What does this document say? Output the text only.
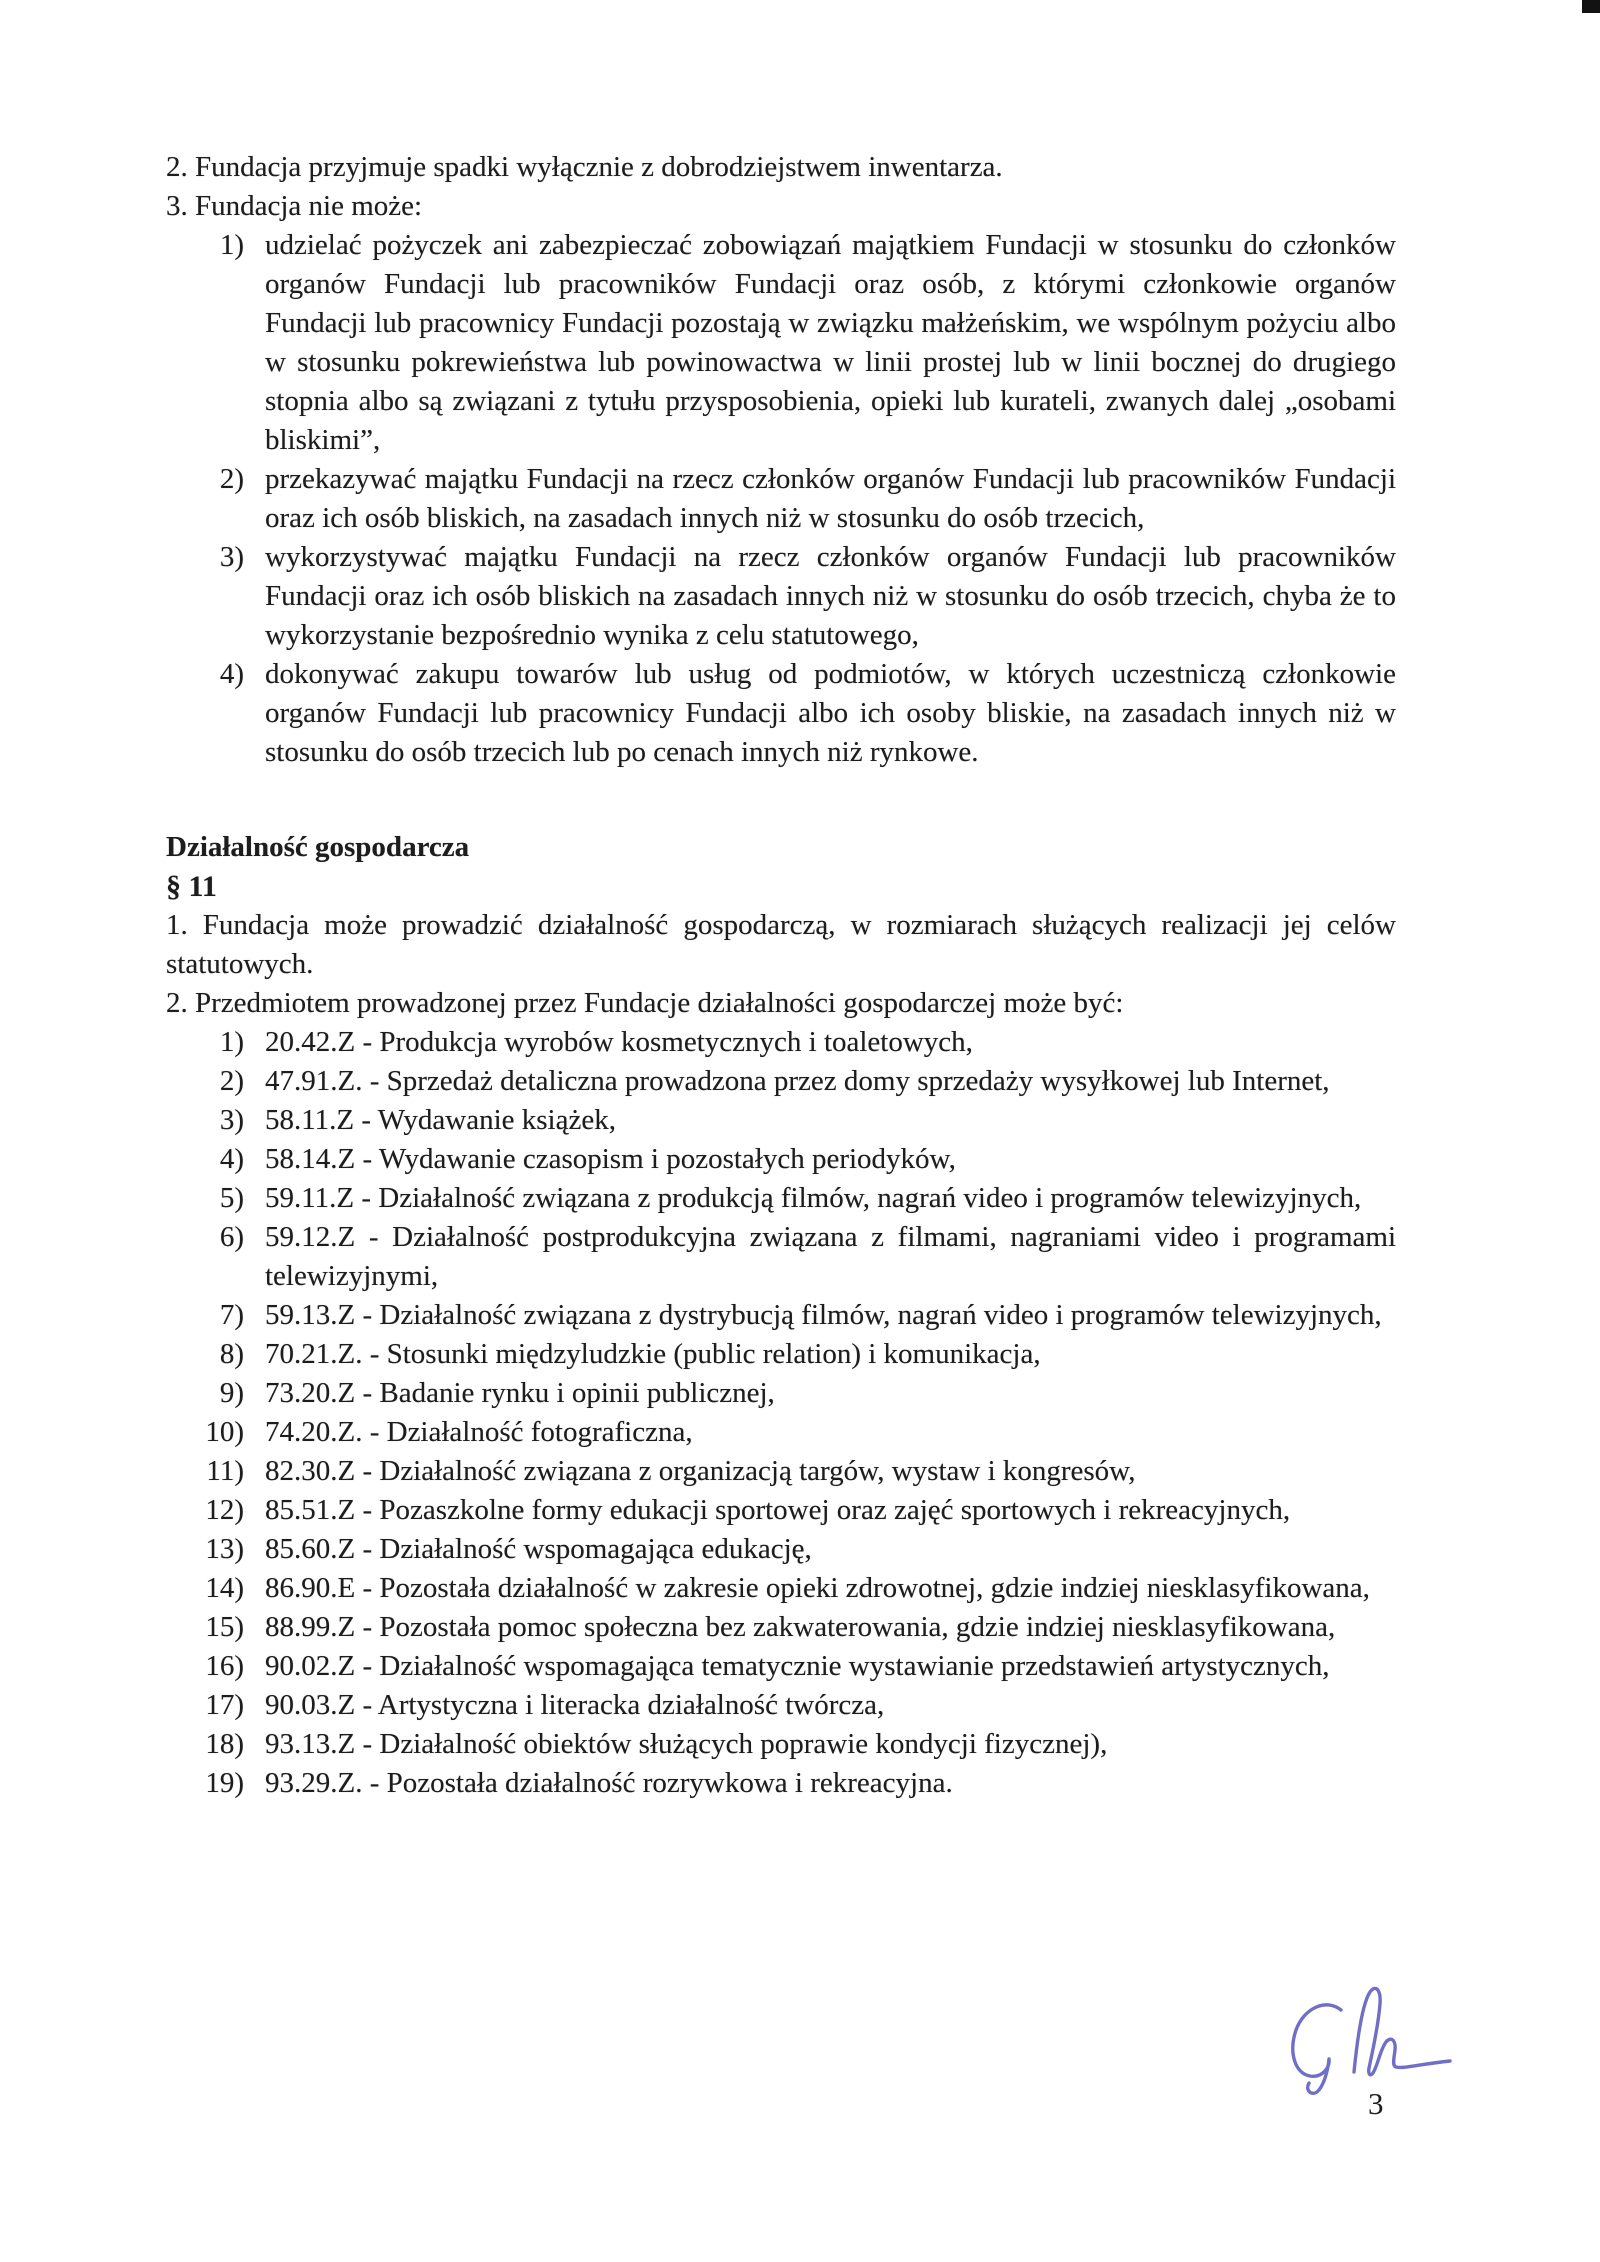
2. Fundacja przyjmuje spadki wyłącznie z dobrodziejstwem inwentarza.

3. Fundacja nie może:

1) udzielać pożyczek ani zabezpieczać zobowiązań majątkiem Fundacji w stosunku do członków organów Fundacji lub pracowników Fundacji oraz osób, z którymi członkowie organów Fundacji lub pracownicy Fundacji pozostają w związku małżeńskim, we wspólnym pożyciu albo w stosunku pokrewieństwa lub powinowactwa w linii prostej lub w linii bocznej do drugiego stopnia albo są związani z tytułu przysposobienia, opieki lub kurateli, zwanych dalej „osobami bliskimi”,
2) przekazywać majątku Fundacji na rzecz członków organów Fundacji lub pracowników Fundacji oraz ich osób bliskich, na zasadach innych niż w stosunku do osób trzecich,
3) wykorzystywać majątku Fundacji na rzecz członków organów Fundacji lub pracowników Fundacji oraz ich osób bliskich na zasadach innych niż w stosunku do osób trzecich, chyba że to wykorzystanie bezpośrednio wynika z celu statutowego,
4) dokonywać zakupu towarów lub usług od podmiotów, w których uczestniczą członkowie organów Fundacji lub pracownicy Fundacji albo ich osoby bliskie, na zasadach innych niż w stosunku do osób trzecich lub po cenach innych niż rynkowe.
Działalność gospodarcza
§ 11

1. Fundacja może prowadzić działalność gospodarczą, w rozmiarach służących realizacji jej celów statutowych.

2. Przedmiotem prowadzonej przez Fundacje działalności gospodarczej może być:

1) 20.42.Z - Produkcja wyrobów kosmetycznych i toaletowych,
2) 47.91.Z. - Sprzedaż detaliczna prowadzona przez domy sprzedaży wysyłkowej lub Internet,
3) 58.11.Z - Wydawanie książek,
4) 58.14.Z - Wydawanie czasopism i pozostałych periodyków,
5) 59.11.Z - Działalność związana z produkcją filmów, nagrań video i programów telewizyjnych,
6) 59.12.Z - Działalność postprodukcyjna związana z filmami, nagraniami video i programami telewizyjnymi,
7) 59.13.Z - Działalność związana z dystrybucją filmów, nagrań video i programów telewizyjnych,
8) 70.21.Z. - Stosunki międzyludzkie (public relation) i komunikacja,
9) 73.20.Z - Badanie rynku i opinii publicznej,
10) 74.20.Z. - Działalność fotograficzna,
11) 82.30.Z - Działalność związana z organizacją targów, wystaw i kongresów,
12) 85.51.Z - Pozaszkolne formy edukacji sportowej oraz zajęć sportowych i rekreacyjnych,
13) 85.60.Z - Działalność wspomagająca edukację,
14) 86.90.E - Pozostała działalność w zakresie opieki zdrowotnej, gdzie indziej niesklasyfikowana,
15) 88.99.Z - Pozostała pomoc społeczna bez zakwaterowania, gdzie indziej niesklasyfikowana,
16) 90.02.Z - Działalność wspomagająca tematycznie wystawianie przedstawień artystycznych,
17) 90.03.Z - Artystyczna i literacka działalność twórcza,
18) 93.13.Z - Działalność obiektów służących poprawie kondycji fizycznej),
19) 93.29.Z. - Pozostała działalność rozrywkowa i rekreacyjna.
3
